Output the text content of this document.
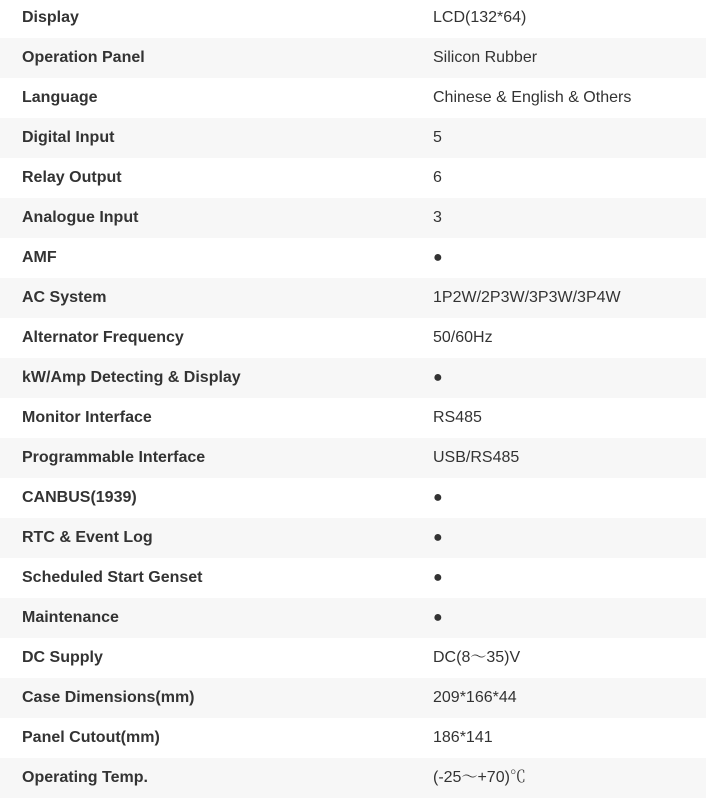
Display	LCD(132*64)
Operation Panel	Silicon Rubber
Language	Chinese & English & Others
Digital Input	5
Relay Output	6
Analogue Input	3
AMF	●
AC System	1P2W/2P3W/3P3W/3P4W
Alternator Frequency	50/60Hz
kW/Amp Detecting & Display	●
Monitor Interface	RS485
Programmable Interface	USB/RS485
CANBUS(1939)	●
RTC & Event Log	●
Scheduled Start Genset	●
Maintenance	●
DC Supply	DC(8～35)V
Case Dimensions(mm)	209*166*44
Panel Cutout(mm)	186*141
Operating Temp.	(-25～+70)℃
